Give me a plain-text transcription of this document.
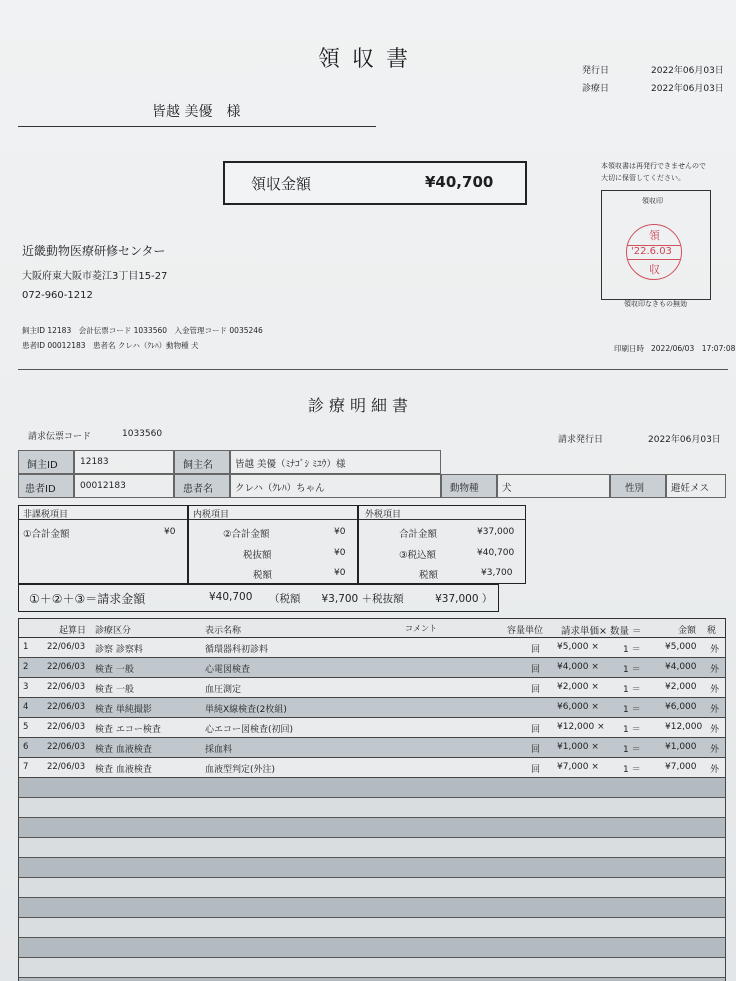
領収書	発行日	2022年06月03日
診療日	2022年06月03日
皆越 美優　様
領収金額	¥40,700
本領収書は再発行できませんので
大切に保管してください。
領収印
領
'22.6.03
収
領収印なきもの無効
近畿動物医療研修センター
大阪府東大阪市菱江3丁目15-27
072-960-1212
飼主ID 12183　会計伝票コード 1033560　入金管理コード 0035246
患者ID 00012183　患者名 クレハ（ｸﾚﾊ）動物種 犬	印刷日時 2022/06/03　17:07:08
診療明細書
請求伝票コード	1033560
請求発行日	2022年06月03日
飼主ID 12183	飼主名 皆越 美優（ﾐﾅｺﾞｼ ﾐﾕｳ）様
患者ID	00012183	患者名 クレハ（ｸﾚﾊ）ちゃん	動物種 犬	性別	避妊メス
非課税項目
①合計金額	¥0
内税項目
②合計金額	¥0
税抜額	¥0
税額	¥0
外税項目
合計金額	¥37,000
③税込額	¥40,700
税額	¥3,700
①＋②＋③＝請求金額	¥40,700 （税額　　¥3,700 ＋税抜額　　　¥37,000 ）
起算日 診療区分	表示名称	コメント	容量単位 請求単価× 数量 ＝	金額 税
1 22/06/03 診察 診察料	循環器科初診料	回 ¥5,000 ×	1 ＝	¥5,000 外
2 22/06/03 検査 一般	心電図検査	回 ¥4,000 ×	1 ＝	¥4,000 外
3 22/06/03 検査 一般	血圧測定	回 ¥2,000 ×	1 ＝	¥2,000 外
4 22/06/03 検査 単純撮影	単純X線検査(2枚組)	¥6,000 ×	1 ＝	¥6,000 外
5 22/06/03 検査 エコー検査	心エコー図検査(初回)	回 ¥12,000 × 1 ＝	¥12,000 外
6 22/06/03 検査 血液検査	採血料	回 ¥1,000 ×	1 ＝	¥1,000 外
7 22/06/03 検査 血液検査	血液型判定(外注)	回 ¥7,000 ×	1 ＝	¥7,000 外
